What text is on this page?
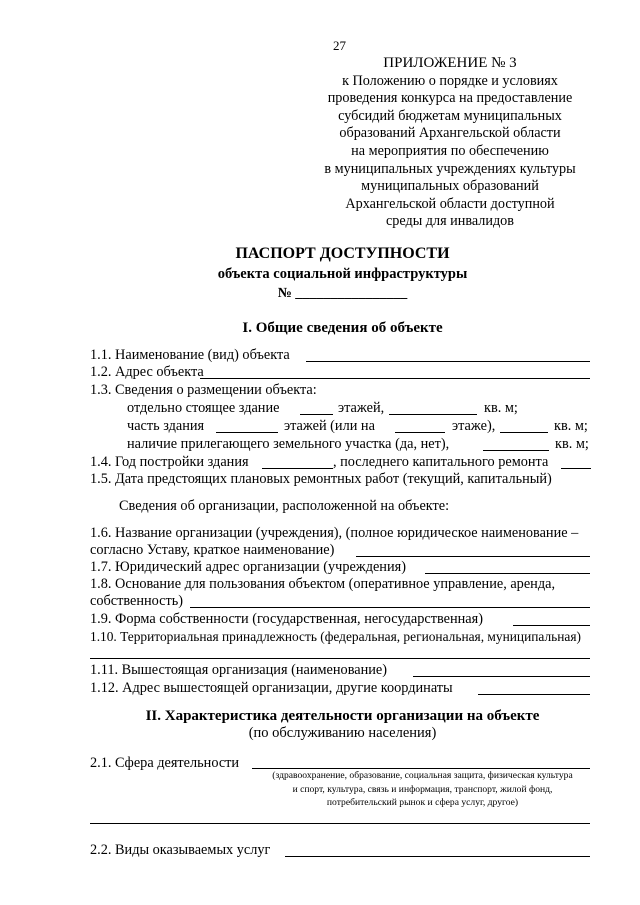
27
ПРИЛОЖЕНИЕ № 3
к Положению о порядке и условиях
проведения конкурса на предоставление
субсидий бюджетам муниципальных
образований Архангельской области
на мероприятия по обеспечению
в муниципальных учреждениях культуры
муниципальных образований
Архангельской области доступной
среды для инвалидов
ПАСПОРТ ДОСТУПНОСТИ
объекта социальной инфраструктуры
№ ________________
I. Общие сведения об объекте
1.1. Наименование (вид) объекта
1.2. Адрес объекта
1.3. Сведения о размещении объекта:
отдельно стоящее здание	этажей,	кв. м;
часть здания	этажей (или на	этаже),	кв. м;
наличие прилегающего земельного участка (да, нет),	кв. м;
1.4. Год постройки здания	, последнего капитального ремонта
1.5. Дата предстоящих плановых ремонтных работ (текущий, капитальный)
Сведения об организации, расположенной на объекте:
1.6. Название организации (учреждения), (полное юридическое наименование –
согласно Уставу, краткое наименование)
1.7. Юридический адрес организации (учреждения)
1.8. Основание для пользования объектом (оперативное управление, аренда,
собственность)
1.9. Форма собственности (государственная, негосударственная)
1.10. Территориальная принадлежность (федеральная, региональная, муниципальная)
1.11. Вышестоящая организация (наименование)
1.12. Адрес вышестоящей организации, другие координаты
II. Характеристика деятельности организации на объекте
(по обслуживанию населения)
2.1. Сфера деятельности
(здравоохранение, образование, социальная защита, физическая культура
и спорт, культура, связь и информация, транспорт, жилой фонд,
потребительский рынок и сфера услуг, другое)
2.2. Виды оказываемых услуг
